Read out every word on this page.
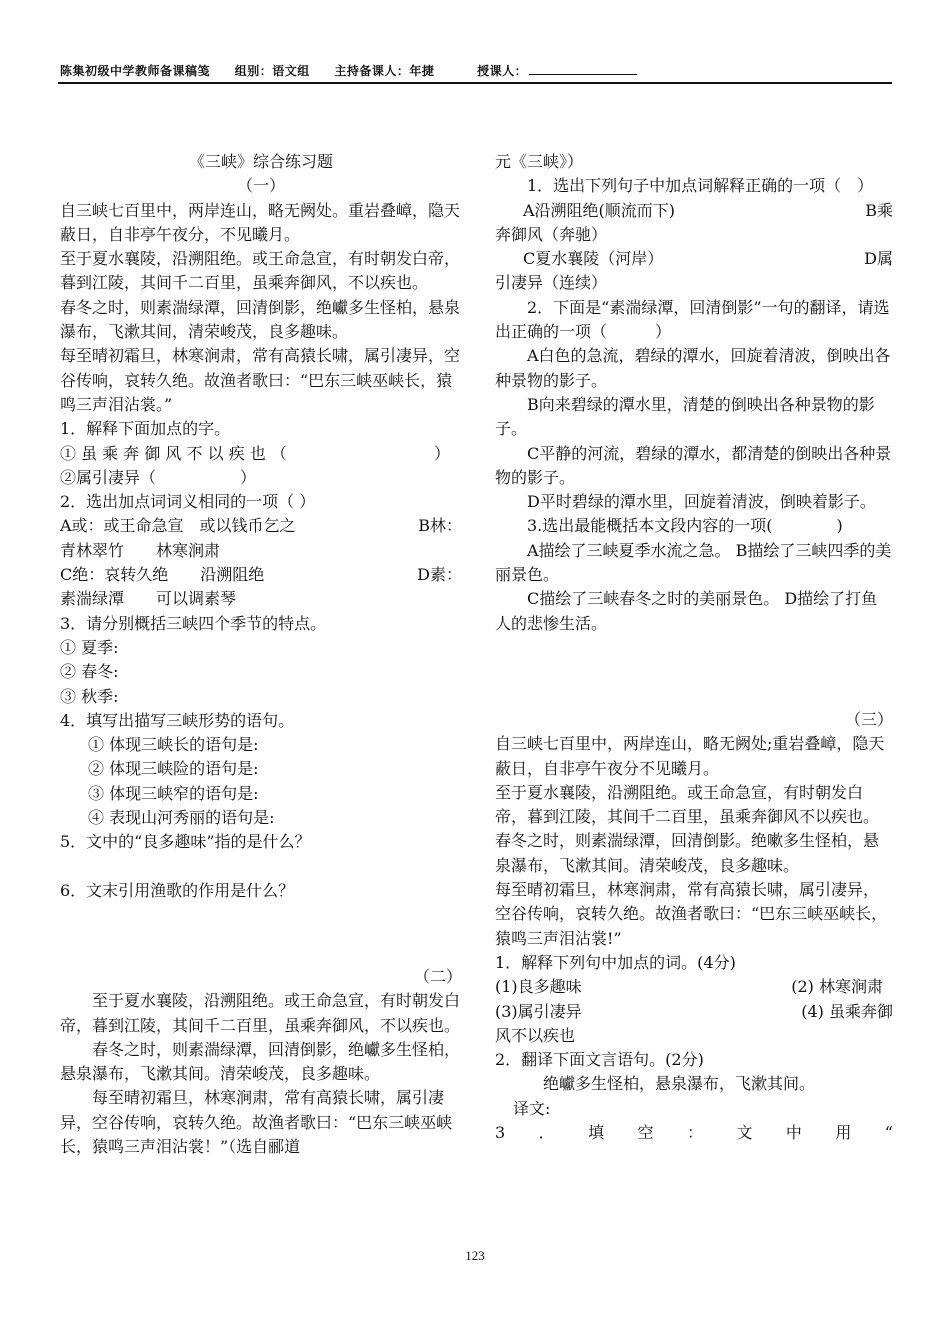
陈集初级中学教师备课稿笺 组别：语文组 主持备课人：年捷	授课人：

《三峡》综合练习题

（一）

自三峡七百里中，两岸连山，略无阙处。重岩叠嶂，隐天蔽日，自非亭午夜分，不见曦月。

至于夏水襄陵，沿溯阻绝。或王命急宣，有时朝发白帝，暮到江陵，其间千二百里，虽乘奔御风，不以疾也。

春冬之时，则素湍绿潭，回清倒影，绝巘多生怪柏，悬泉瀑布，飞漱其间，清荣峻茂，良多趣味。

每至晴初霜旦，林寒涧肃，常有高猿长啸，属引凄异，空谷传响，哀转久绝。故渔者歌曰：“巴东三峡巫峡长，猿鸣三声泪沾裳。”

1．解释下面加点的字。

① 虽 乘 奔 御 风 不 以 疾 也 （	）

②属引凄异（	）

2．选出加点词词义相同的一项（ ）

A或：或王命急宣　或以钱币乞之	B林：

青林翠竹　　林寒涧肃

C绝：哀转久绝　　沿溯阻绝	D素：

素湍绿潭　　可以调素琴

3．请分别概括三峡四个季节的特点。

① 夏季:

② 春冬:

③ 秋季:

4．填写出描写三峡形势的语句。

① 体现三峡长的语句是:

② 体现三峡险的语句是:

③ 体现三峡窄的语句是:

④ 表现山河秀丽的语句是:

5．文中的“良多趣味”指的是什么？

6．文末引用渔歌的作用是什么？

（二）

至于夏水襄陵，沿溯阻绝。或王命急宣，有时朝发白帝，暮到江陵，其间千二百里，虽乘奔御风，不以疾也。

春冬之时，则素湍绿潭，回清倒影，绝巘多生怪柏，悬泉瀑布，飞漱其间。清荣峻茂，良多趣味。

每至晴初霜旦，林寒涧肃，常有高猿长啸，属引凄异，空谷传响，哀转久绝。故渔者歌曰：“巴东三峡巫峡长，猿鸣三声泪沾裳！”（选自郦道

元《三峡》）

1．选出下列句子中加点词解释正确的一项（　）

A沿溯阻绝(顺流而下)	B乘

奔御风（奔驰）

C夏水襄陵（河岸）	D属

引凄异（连续）

2．下面是“素湍绿潭，回清倒影”一句的翻译，请选出正确的一项（　　　）

A白色的急流，碧绿的潭水，回旋着清波，倒映出各种景物的影子。

B向来碧绿的潭水里，清楚的倒映出各种景物的影子。

C平静的河流，碧绿的潭水，都清楚的倒映出各种景物的影子。

D平时碧绿的潭水里，回旋着清波，倒映着影子。

3.选出最能概括本文段内容的一项(　　　　)

A描绘了三峡夏季水流之急。 B描绘了三峡四季的美丽景色。

C描绘了三峡春冬之时的美丽景色。 D描绘了打鱼人的悲惨生活。

（三）

自三峡七百里中，两岸连山，略无阙处;重岩叠嶂，隐天蔽日，自非亭午夜分不见曦月。

至于夏水襄陵，沿溯阻绝。或王命急宣，有时朝发白帝，暮到江陵，其间千二百里，虽乘奔御风不以疾也。

春冬之时，则素湍绿潭，回清倒影。绝嗽多生怪柏，悬泉瀑布，飞漱其间。清荣峻茂，良多趣味。

每至晴初霜旦，林寒涧肃，常有高猿长啸，属引凄异，空谷传响，哀转久绝。故渔者歌曰：“巴东三峡巫峡长，猿鸣三声泪沾裳!”

1．解释下列句中加点的词。(4分)

(1)良多趣味	(2) 林寒涧肃

(3)属引凄异	(4) 虽乘奔御

风不以疾也

2．翻译下面文言语句。(2分)

绝巘多生怪柏，悬泉瀑布，飞漱其间。

译文:

3 ． 填 空 ： 文 中 用 “

123
